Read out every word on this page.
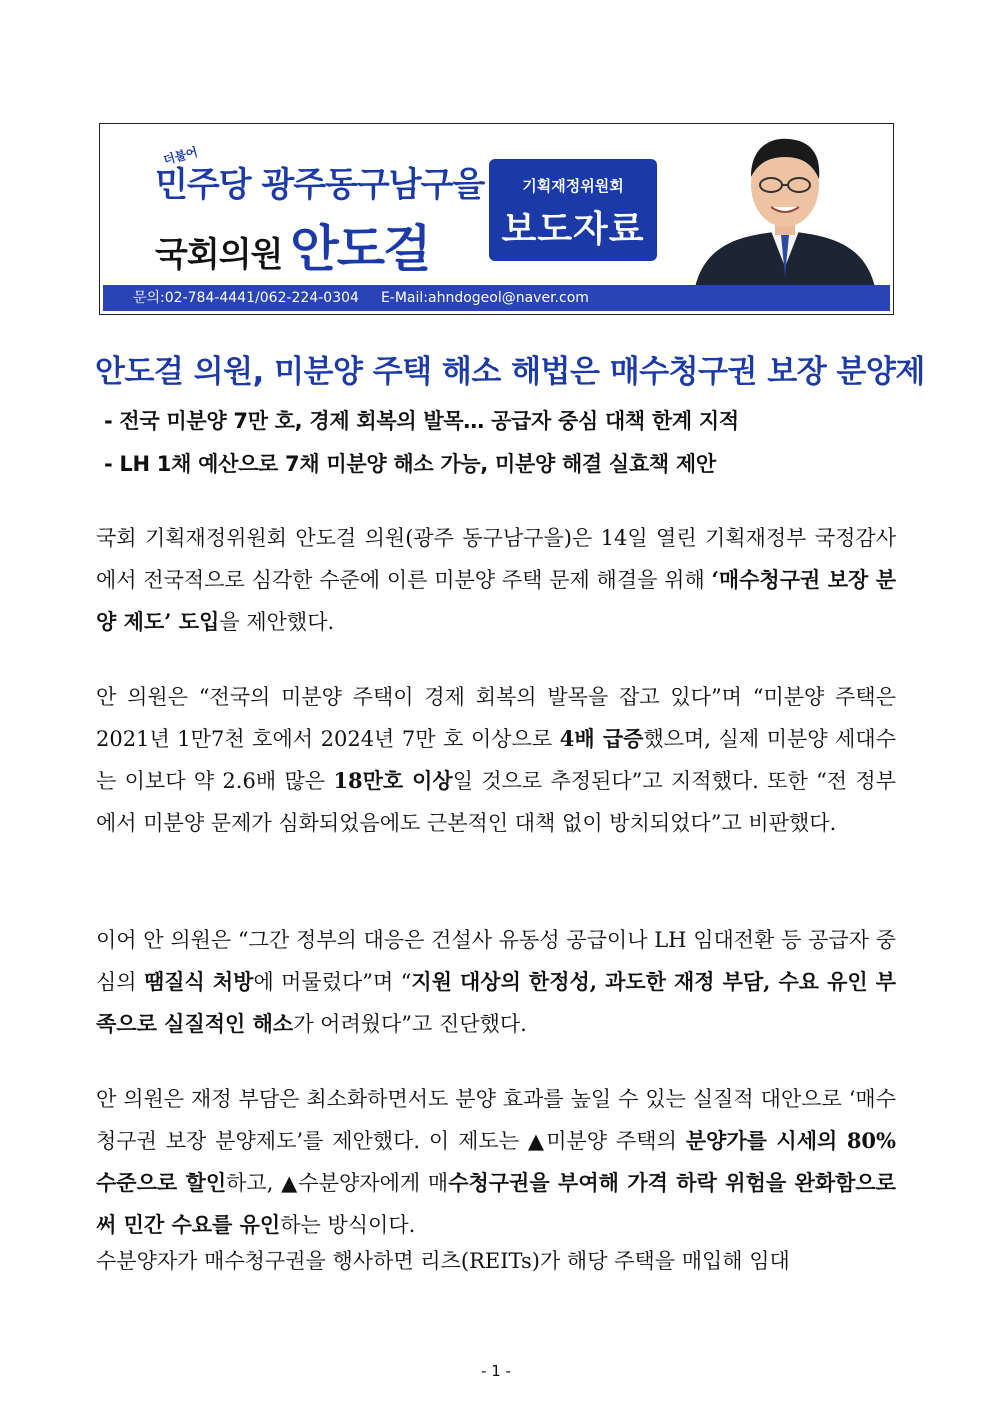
더불어
민주당 광주동구남구을
국회의원 안도걸
기획재정위원회
보도자료
문의:02-784-4441/062-224-0304 E-Mail:ahndogeol@naver.com
안도걸 의원, 미분양 주택 해소 해법은 매수청구권 보장 분양제
- 전국 미분양 7만 호, 경제 회복의 발목… 공급자 중심 대책 한계 지적
- LH 1채 예산으로 7채 미분양 해소 가능, 미분양 해결 실효책 제안
국회 기획재정위원회 안도걸 의원(광주 동구남구을)은 14일 열린 기획재정부 국정감사에서 전국적으로 심각한 수준에 이른 미분양 주택 문제 해결을 위해 ‘매수청구권 보장 분양 제도’ 도입을 제안했다.
안 의원은 “전국의 미분양 주택이 경제 회복의 발목을 잡고 있다”며 “미분양 주택은 2021년 1만7천 호에서 2024년 7만 호 이상으로 4배 급증했으며, 실제 미분양 세대수는 이보다 약 2.6배 많은 18만호 이상일 것으로 추정된다”고 지적했다. 또한 “전 정부에서 미분양 문제가 심화되었음에도 근본적인 대책 없이 방치되었다”고 비판했다.
이어 안 의원은 “그간 정부의 대응은 건설사 유동성 공급이나 LH 임대전환 등 공급자 중심의 땜질식 처방에 머물렀다”며 “지원 대상의 한정성, 과도한 재정 부담, 수요 유인 부족으로 실질적인 해소가 어려웠다”고 진단했다.
안 의원은 재정 부담은 최소화하면서도 분양 효과를 높일 수 있는 실질적 대안으로 ‘매수청구권 보장 분양제도’를 제안했다. 이 제도는 ▲미분양 주택의 분양가를 시세의 80% 수준으로 할인하고, ▲수분양자에게 매수청구권을 부여해 가격 하락 위험을 완화함으로써 민간 수요를 유인하는 방식이다.
수분양자가 매수청구권을 행사하면 리츠(REITs)가 해당 주택을 매입해 임대
- 1 -
